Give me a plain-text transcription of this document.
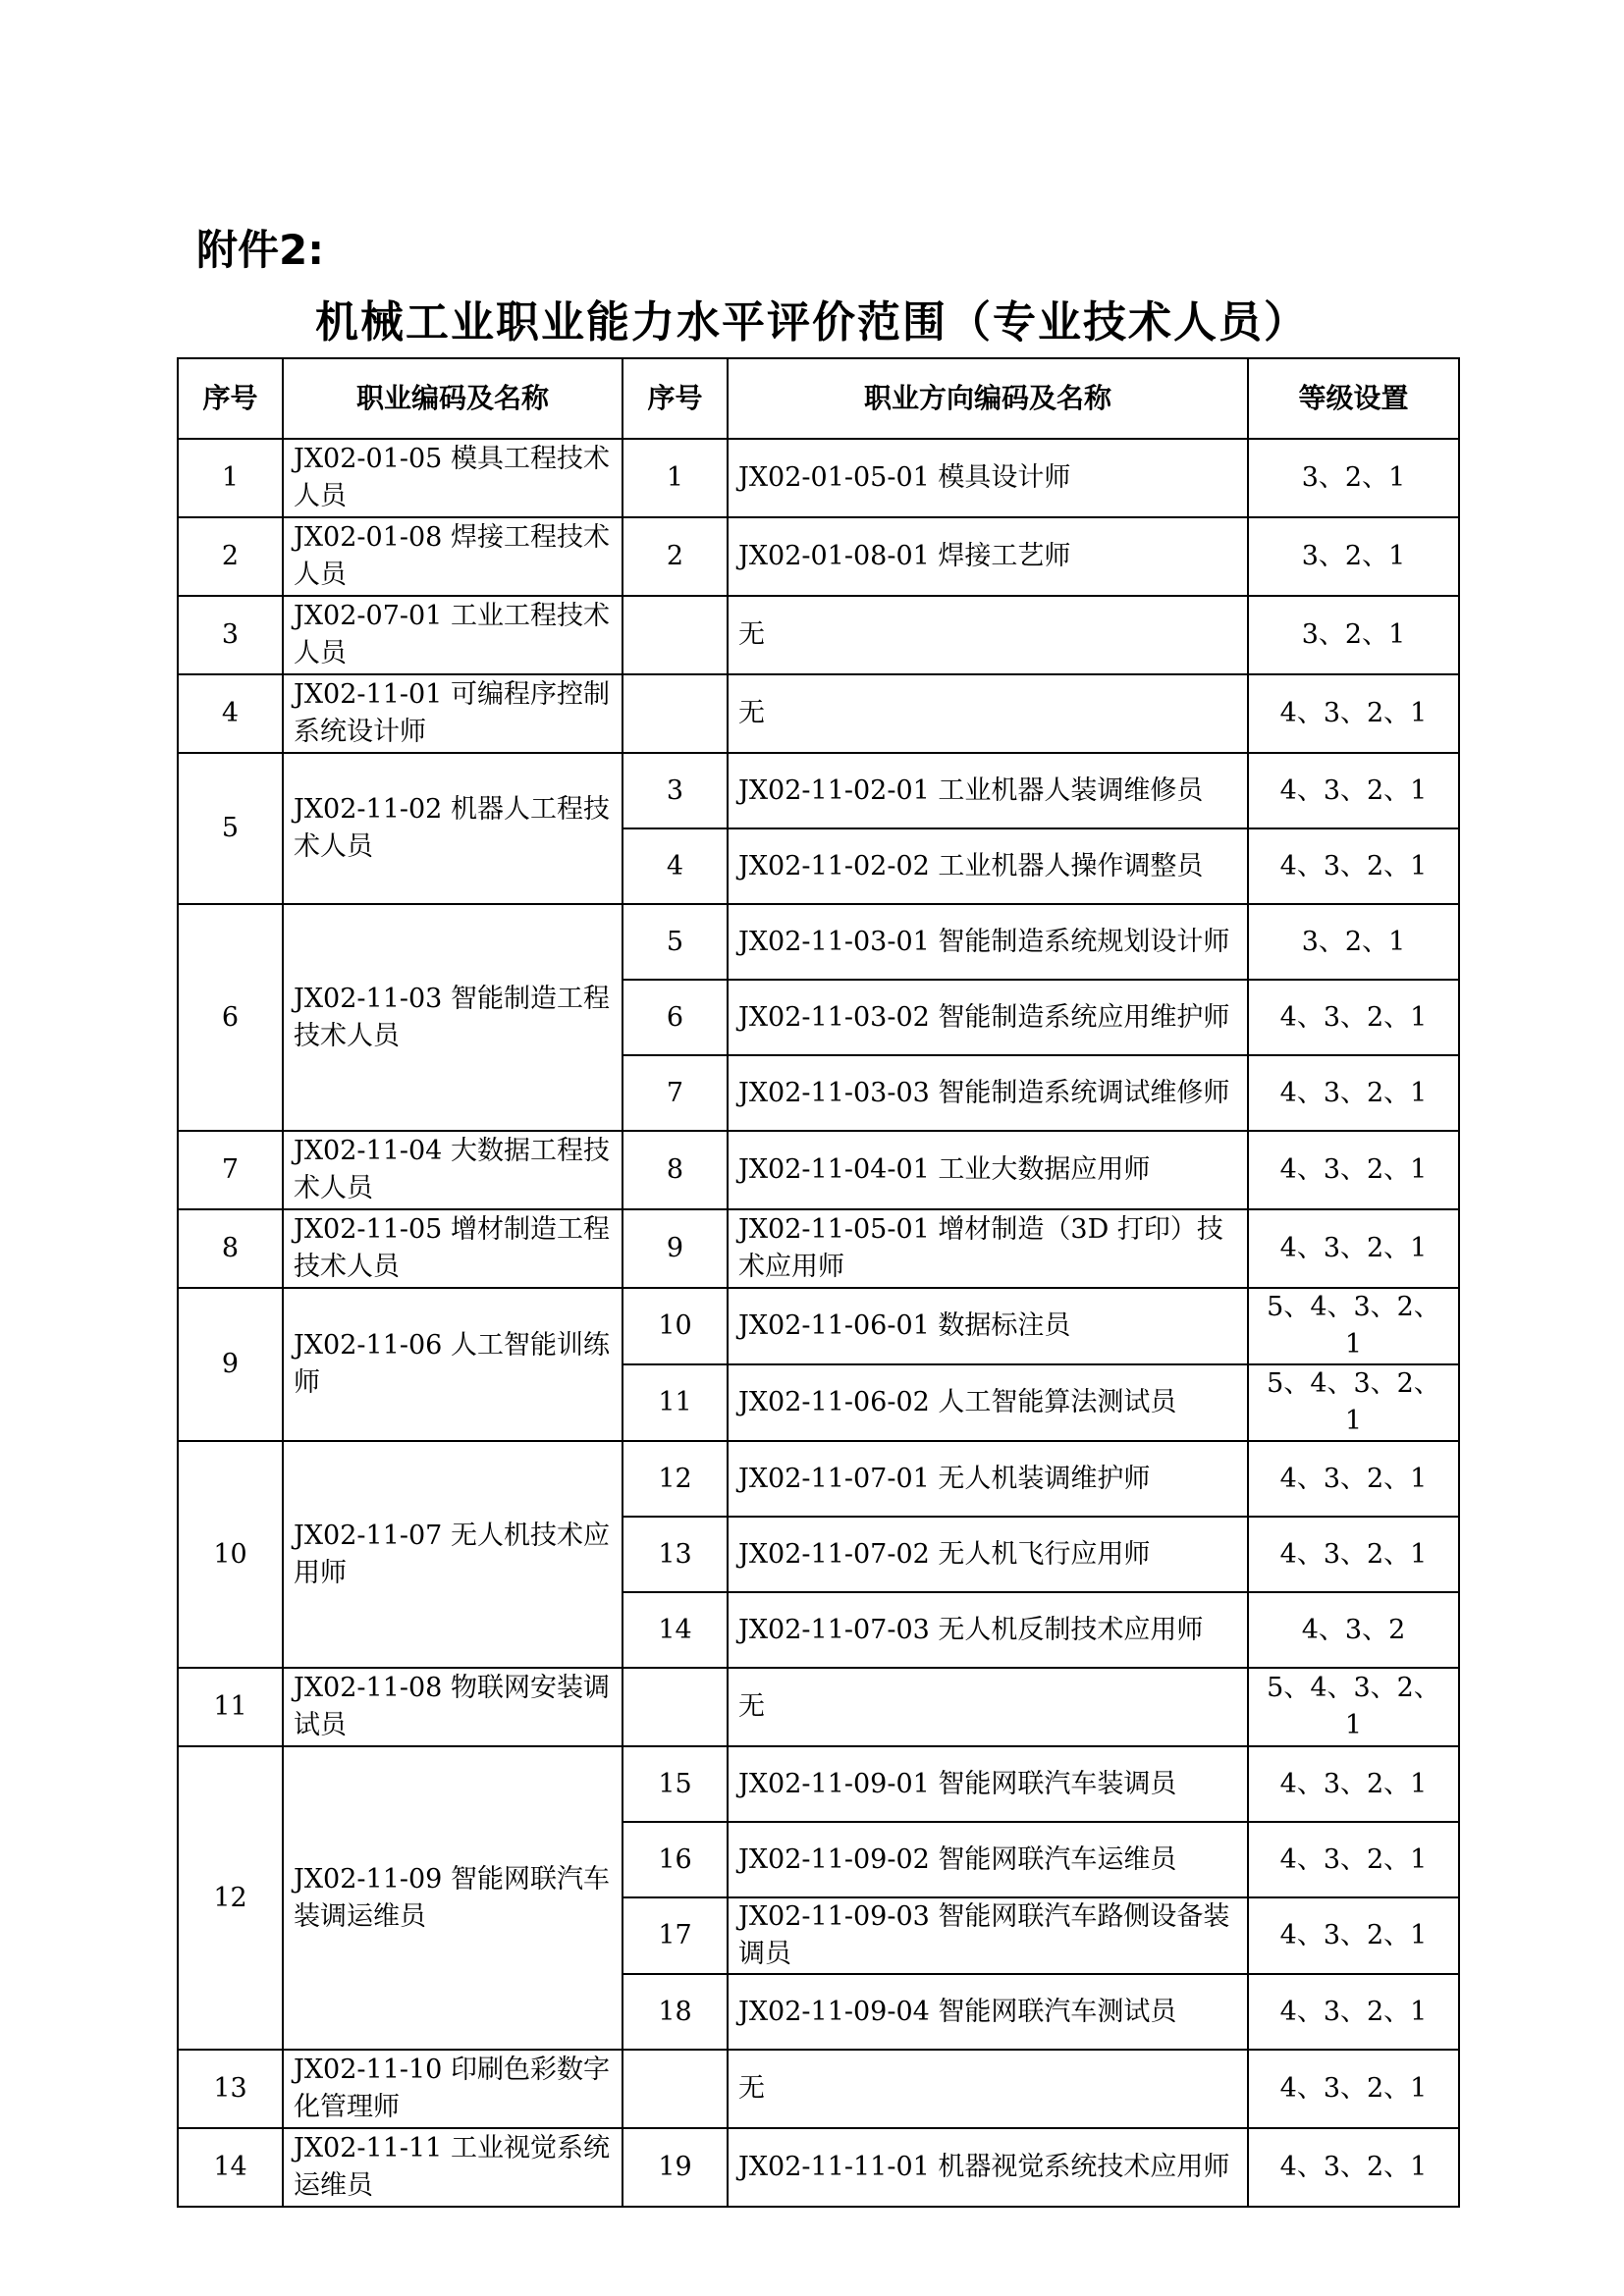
附件2:
机械工业职业能力水平评价范围（专业技术人员）
序号	职业编码及名称	序号	职业方向编码及名称	等级设置
1	JX02-01-05 模具工程技术人员	1	JX02-01-05-01 模具设计师	3、2、1
2	JX02-01-08 焊接工程技术人员	2	JX02-01-08-01 焊接工艺师	3、2、1
3	JX02-07-01 工业工程技术人员		无	3、2、1
4	JX02-11-01 可编程序控制系统设计师		无	4、3、2、1
5	JX02-11-02 机器人工程技术人员	3	JX02-11-02-01 工业机器人装调维修员	4、3、2、1
		4	JX02-11-02-02 工业机器人操作调整员	4、3、2、1
6	JX02-11-03 智能制造工程技术人员	5	JX02-11-03-01 智能制造系统规划设计师	3、2、1
		6	JX02-11-03-02 智能制造系统应用维护师	4、3、2、1
		7	JX02-11-03-03 智能制造系统调试维修师	4、3、2、1
7	JX02-11-04 大数据工程技术人员	8	JX02-11-04-01 工业大数据应用师	4、3、2、1
8	JX02-11-05 增材制造工程技术人员	9	JX02-11-05-01 增材制造（3D 打印）技术应用师	4、3、2、1
9	JX02-11-06 人工智能训练师	10	JX02-11-06-01 数据标注员	5、4、3、2、1
		11	JX02-11-06-02 人工智能算法测试员	5、4、3、2、1
10	JX02-11-07 无人机技术应用师	12	JX02-11-07-01 无人机装调维护师	4、3、2、1
		13	JX02-11-07-02 无人机飞行应用师	4、3、2、1
		14	JX02-11-07-03 无人机反制技术应用师	4、3、2
11	JX02-11-08 物联网安装调试员		无	5、4、3、2、1
12	JX02-11-09 智能网联汽车装调运维员	15	JX02-11-09-01 智能网联汽车装调员	4、3、2、1
		16	JX02-11-09-02 智能网联汽车运维员	4、3、2、1
		17	JX02-11-09-03 智能网联汽车路侧设备装调员	4、3、2、1
		18	JX02-11-09-04 智能网联汽车测试员	4、3、2、1
13	JX02-11-10 印刷色彩数字化管理师		无	4、3、2、1
14	JX02-11-11 工业视觉系统运维员	19	JX02-11-11-01 机器视觉系统技术应用师	4、3、2、1
